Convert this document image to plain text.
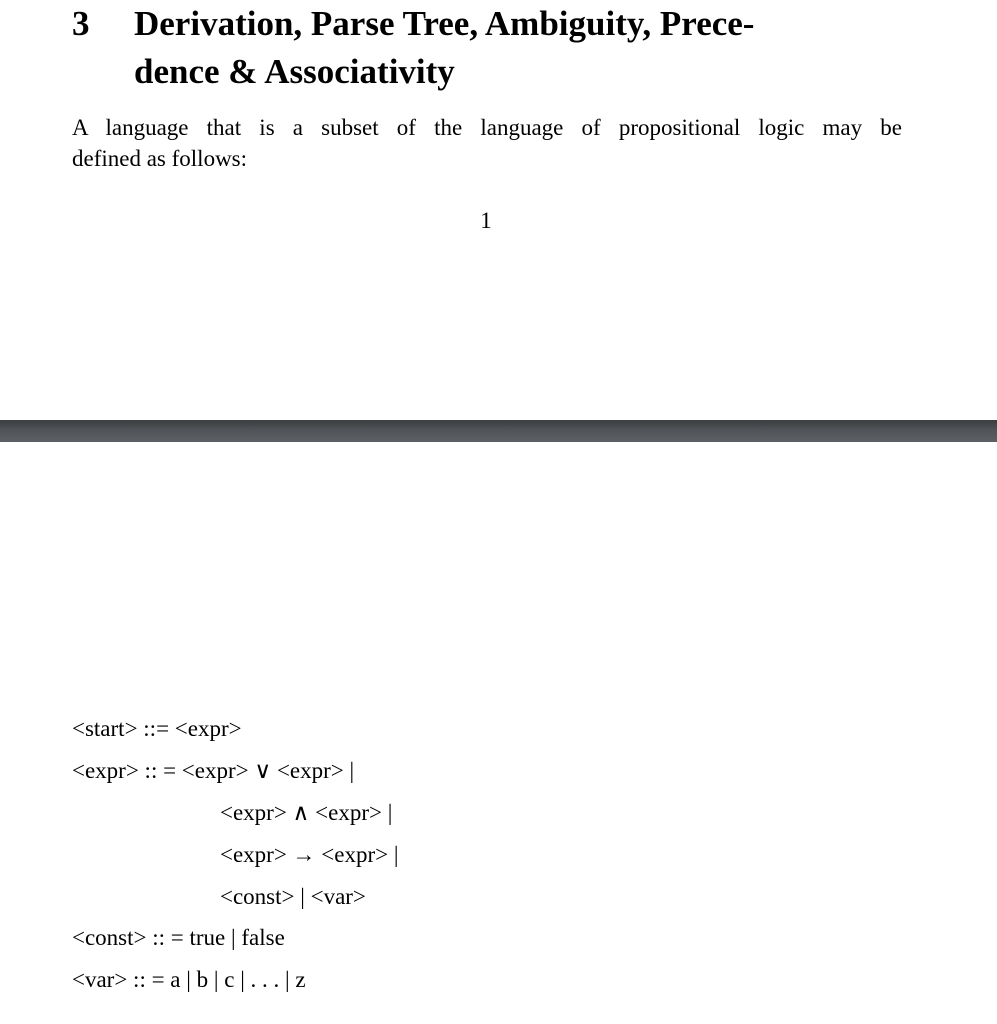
3 Derivation, Parse Tree, Ambiguity, Prece-
dence & Associativity
A language that is a subset of the language of propositional logic may be
defined as follows:
1
<start> ::= <expr>
<expr> :: = <expr> ∨ <expr> |
<expr> ∧ <expr> |
<expr> → <expr> |
<const> | <var>
<const> :: = true | false
<var> :: = a | b | c | . . . | z
